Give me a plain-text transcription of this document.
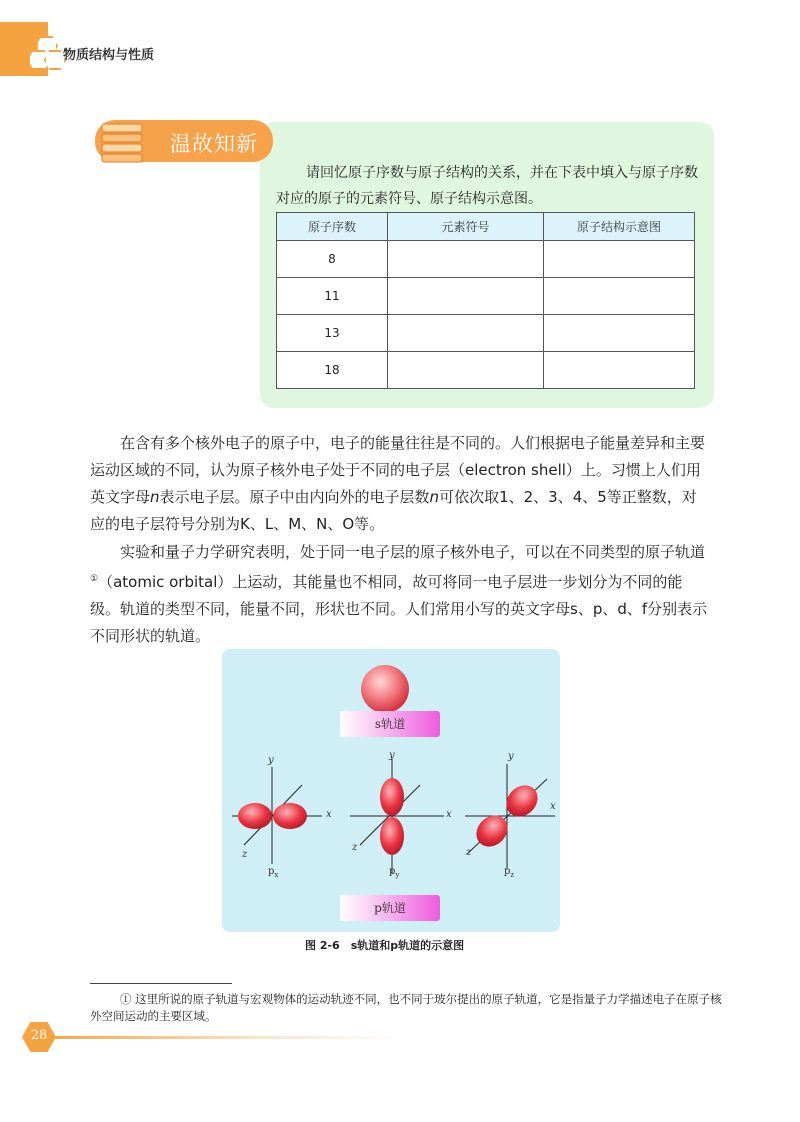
物质结构与性质
温故知新
请回忆原子序数与原子结构的关系，并在下表中填入与原子序数对应的原子的元素符号、原子结构示意图。
原子序数	元素符号	原子结构示意图
8		
11		
13		
18		
在含有多个核外电子的原子中，电子的能量往往是不同的。人们根据电子能量差异和主要运动区域的不同，认为原子核外电子处于不同的电子层（electron shell）上。习惯上人们用英文字母n表示电子层。原子中由内向外的电子层数n可依次取1、2、3、4、5等正整数，对应的电子层符号分别为K、L、M、N、O等。
实验和量子力学研究表明，处于同一电子层的原子核外电子，可以在不同类型的原子轨道①（atomic orbital）上运动，其能量也不相同，故可将同一电子层进一步划分为不同的能级。轨道的类型不同，能量不同，形状也不同。人们常用小写的英文字母s、p、d、f分别表示不同形状的轨道。
s轨道
p轨道
y
x
z
y
x
z
y
x
z
$p_x$	$p_y$	$p_z$
图 2-6　s轨道和p轨道的示意图
① 这里所说的原子轨道与宏观物体的运动轨迹不同，也不同于玻尔提出的原子轨道，它是指量子力学描述电子在原子核外空间运动的主要区域。
28
